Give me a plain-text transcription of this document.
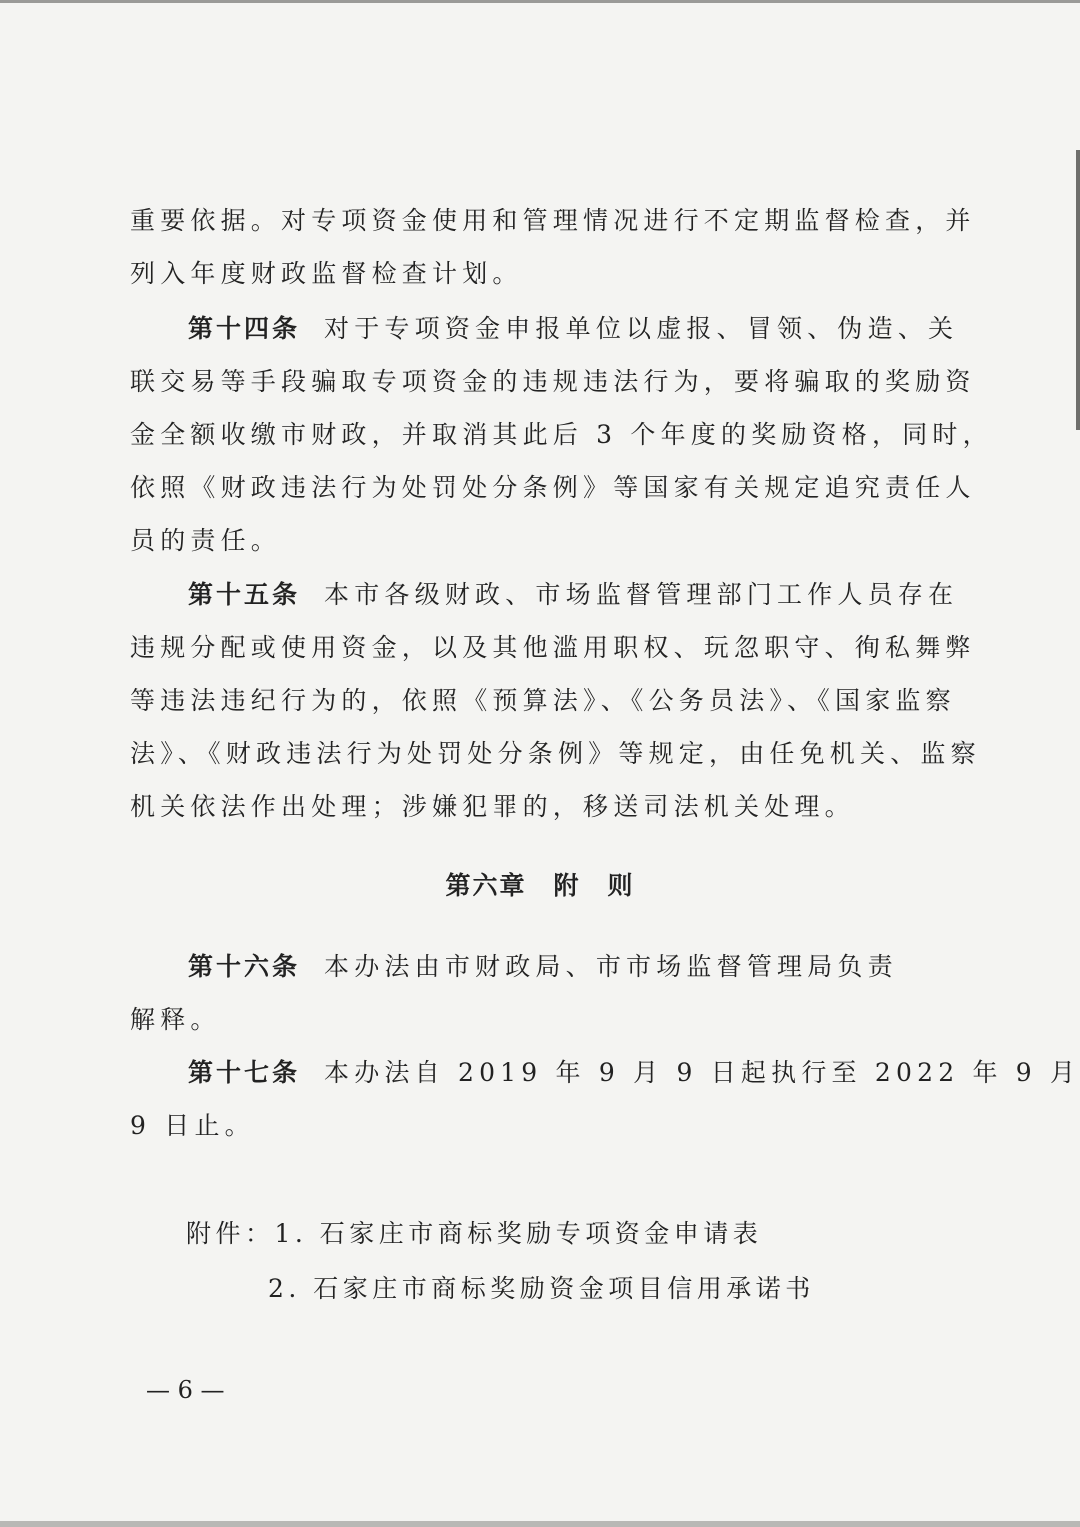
重要依据。对专项资金使用和管理情况进行不定期监督检查，并
列入年度财政监督检查计划。
第十四条 对于专项资金申报单位以虚报、冒领、伪造、关
联交易等手段骗取专项资金的违规违法行为，要将骗取的奖励资
金全额收缴市财政，并取消其此后 3 个年度的奖励资格，同时，
依照《财政违法行为处罚处分条例》等国家有关规定追究责任人
员的责任。
第十五条 本市各级财政、市场监督管理部门工作人员存在
违规分配或使用资金，以及其他滥用职权、玩忽职守、徇私舞弊
等违法违纪行为的，依照《预算法》、《公务员法》、《国家监察
法》、《财政违法行为处罚处分条例》等规定，由任免机关、监察
机关依法作出处理；涉嫌犯罪的，移送司法机关处理。
第六章　附　则
第十六条 本办法由市财政局、市市场监督管理局负责
解释。
第十七条 本办法自 2019 年 9 月 9 日起执行至 2022 年 9 月
9 日止。
附件：1. 石家庄市商标奖励专项资金申请表
2. 石家庄市商标奖励资金项目信用承诺书
— 6 —
